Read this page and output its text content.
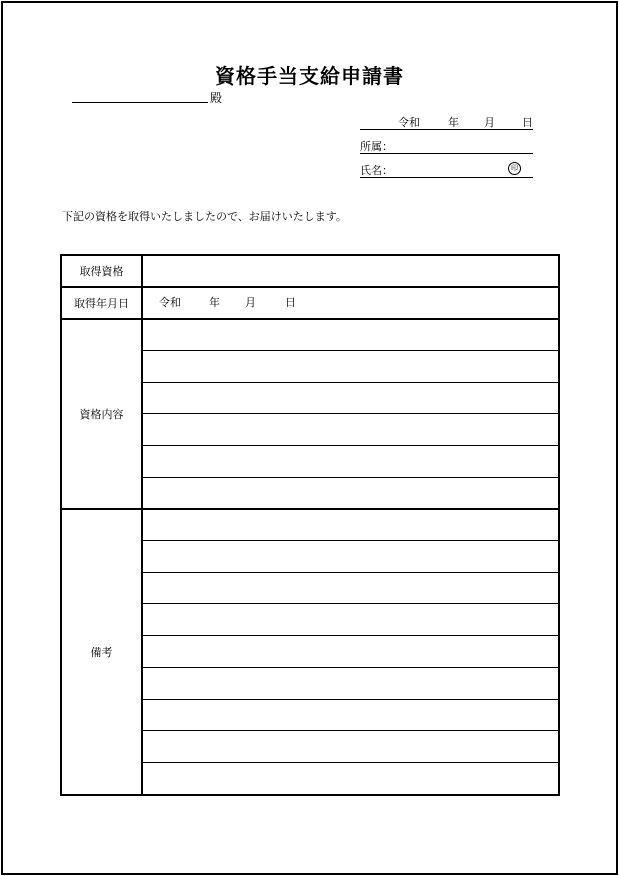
資格手当支給申請書
殿
令和	年 月 日
所属：
氏名：	印
下記の資格を取得いたしましたので、お届けいたします。
取得資格	
取得年月日	令和 年 月 日

資格内容	

備考	
